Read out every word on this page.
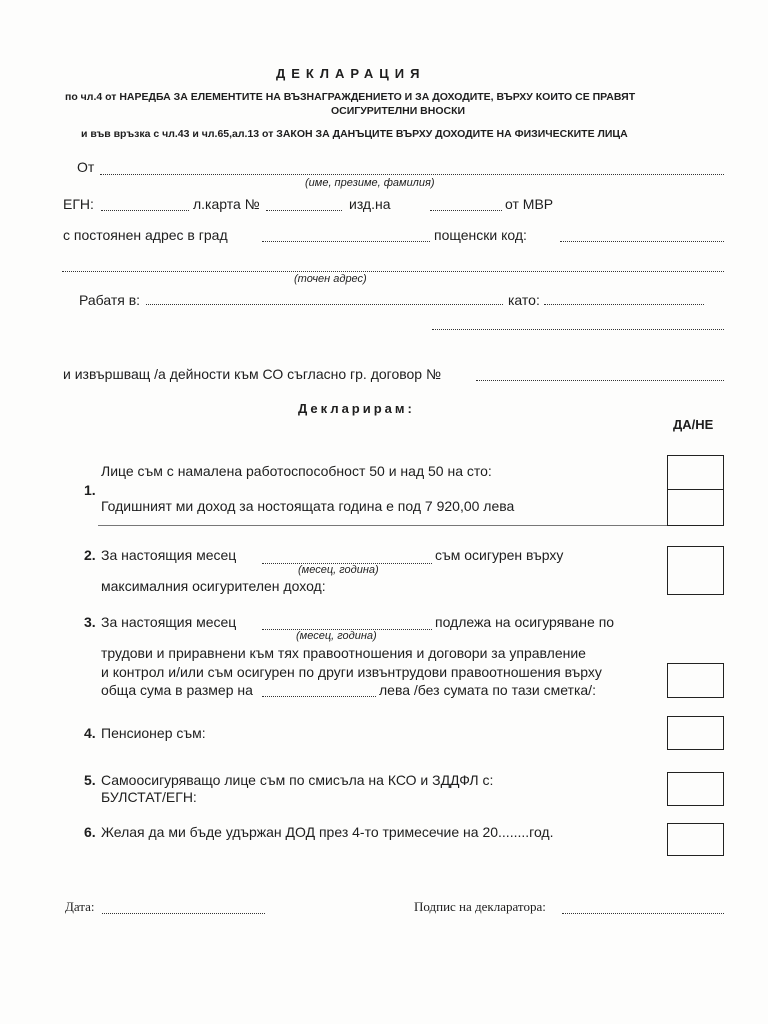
ДЕКЛАРАЦИЯ
по чл.4 от НАРЕДБА ЗА ЕЛЕМЕНТИТЕ НА ВЪЗНАГРАЖДЕНИЕТО И ЗА ДОХОДИТЕ, ВЪРХУ КОИТО СЕ ПРАВЯТ
ОСИГУРИТЕЛНИ ВНОСКИ
и във връзка с чл.43 и чл.65,ал.13 от ЗАКОН ЗА ДАНЪЦИТЕ ВЪРХУ ДОХОДИТЕ НА ФИЗИЧЕСКИТЕ ЛИЦА
От
(име, презиме, фамилия)
ЕГН:	л.карта №	изд.на	от МВР
с постоянен адрес в град	пощенски код:
(точен адрес)
Рабатя в:	като:
и извършващ /а дейности към СО съгласно гр. договор №
Декларирам:
ДА/НЕ
Лице съм с намалена работоспособност 50 и над 50 на сто:
1.
Годишният ми доход за ностоящата година е под 7 920,00 лева
2. За настоящия месец	съм осигурен върху
(месец, година)
максималния осигурителен доход:
3. За настоящия месец	подлежа на осигуряване по
(месец, година)
трудови и приравнени към тях правоотношения и договори за управление
и контрол и/или съм осигурен по други извънтрудови правоотношения върху
обща сума в размер на	лева /без сумата по тази сметка/:
4. Пенсионер съм:
5. Самоосигуряващо лице съм по смисъла на КСО и ЗДДФЛ с:
БУЛСТАТ/ЕГН:
6. Желая да ми бъде удържан ДОД през 4-то тримесечие на 20........год.
Дата:	Подпис на декларатора:
